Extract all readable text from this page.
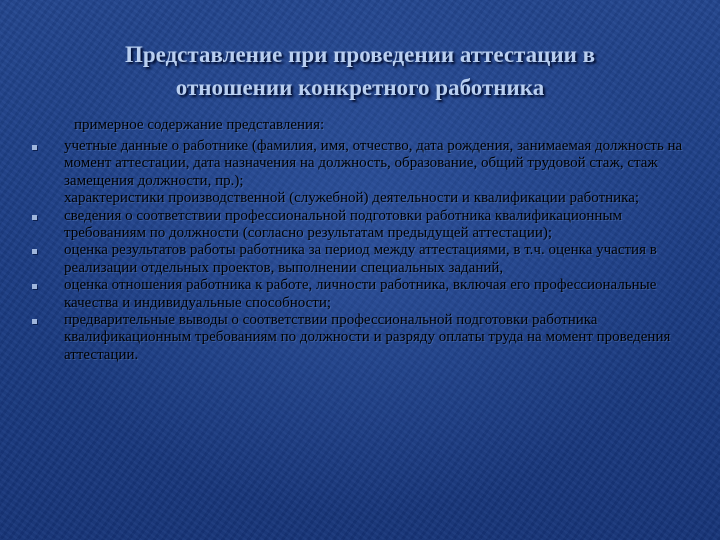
Представление при проведении аттестации в
отношении конкретного работника
примерное содержание представления:
учетные данные о работнике (фамилия, имя, отчество, дата рождения, занимаемая должность на момент аттестации, дата назначения на должность, образование, общий трудовой стаж, стаж замещения должности, пр.);
характеристики производственной (служебной) деятельности и квалификации работника;
сведения о соответствии профессиональной подготовки работника квалификационным требованиям по должности (согласно результатам предыдущей аттестации);
оценка результатов работы работника за период между аттестациями, в т.ч. оценка участия в реализации отдельных проектов, выполнении специальных заданий,
оценка отношения работника к работе, личности работника, включая его профессиональные качества и индивидуальные способности;
предварительные выводы о соответствии профессиональной подготовки работника квалификационным требованиям по должности и разряду оплаты труда на момент проведения аттестации.
